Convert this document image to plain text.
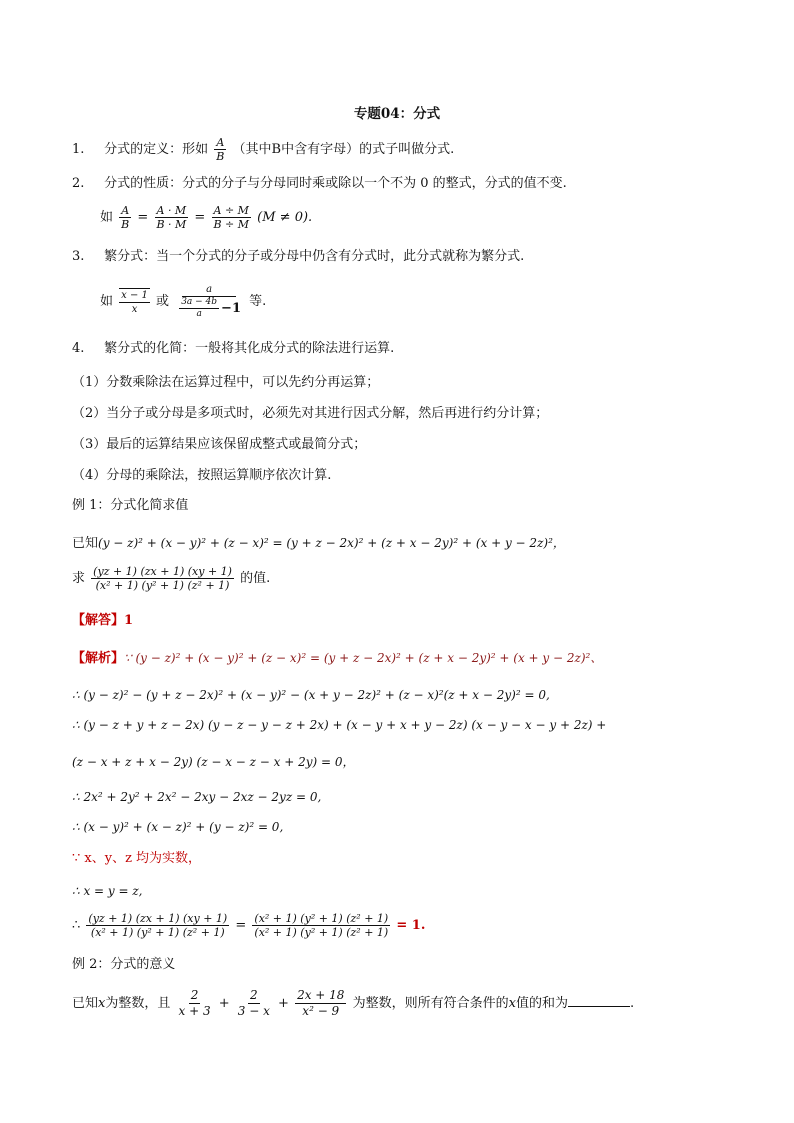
专题04：分式
1. 分式的定义：形如 $\frac{A}{B}$ （其中B中含有字母）的式子叫做分式.
2. 分式的性质：分式的分子与分母同时乘或除以一个不为 0 的整式，分式的值不变.
如 $\frac{A}{B} = \frac{A \cdot M}{B \cdot M} = \frac{A \div M}{B \div M} (M \ne 0)$.
3. 繁分式：当一个分式的分子或分母中仍含有分式时，此分式就称为繁分式.
如 $\frac{x - 1}{x}$ 或 $\frac{a}{\frac{3a - 4b}{a} -1}$ 等.
4. 繁分式的化简：一般将其化成分式的除法进行运算.
（1）分数乘除法在运算过程中，可以先约分再运算；
（2）当分子或分母是多项式时，必须先对其进行因式分解，然后再进行约分计算；
（3）最后的运算结果应该保留成整式或最简分式；
（4）分母的乘除法，按照运算顺序依次计算.
例 1：分式化简求值
已知(y − z)² + (x − y)² + (z − x)² = (y + z − 2x)² + (z + x − 2y)² + (x + y − 2z)²，
求 $\frac{(yz + 1) (zx + 1) (xy + 1)}{\text{(x² + 1) (y² + 1) (z² + 1)}}$ 的值.
【解答】1
【解析】∵ (y − z)² + (x − y)² + (z − x)² = (y + z − 2x)² + (z + x − 2y)² + (x + y − 2z)²、
∴ (y − z)² − (y + z − 2x)² + (x − y)² − (x + y − 2z)² + (z − x)²(z + x − 2y)² = 0,
∴ (y − z + y + z − 2x) (y − z − y − z + 2x) + (x − y + x + y − 2z) (x − y − x − y + 2z) +
(z − x + z + x − 2y) (z − x − z − x + 2y) = 0，
∴ 2x² + 2y² + 2x² − 2xy − 2xz − 2yz = 0,
∴ (x − y)² + (x − z)² + (y − z)² = 0,
∵ x、y、z 均为实数，
∴ x = y = z,
∴ $\frac{(yz + 1) (zx + 1) (xy + 1)}{\text{(x² + 1) (y² + 1) (z² + 1)}} = \frac{\text{(x² + 1) (y² + 1) (z² + 1)}}{\text{(x² + 1) (y² + 1) (z² + 1)}} = 1$.
例 2：分式的意义
已知x为整数，且 $\frac{2}{x + 3} + \frac{2}{3 - x} + \frac{2x + 18}{\text{x² − 9}}$ 为整数，则所有符合条件的x值的和为	.
